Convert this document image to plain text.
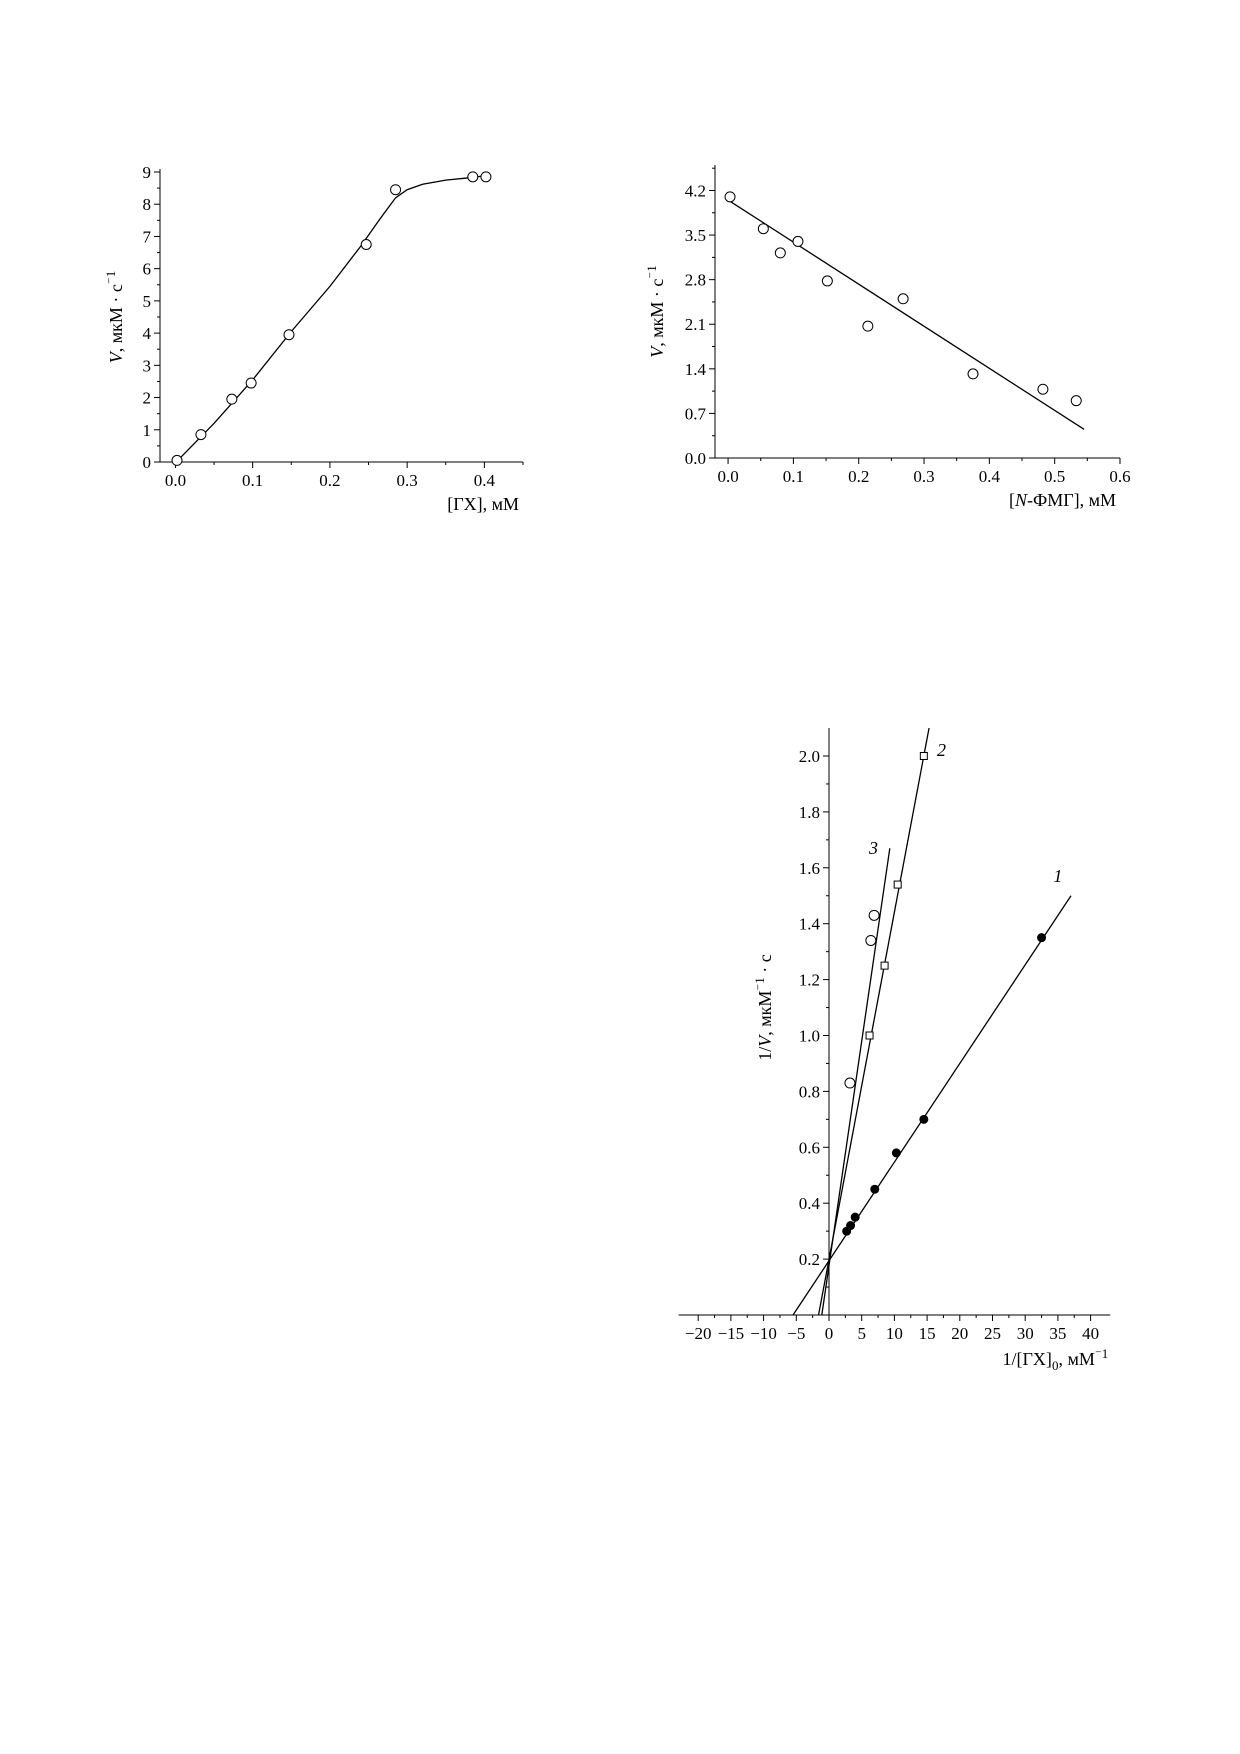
0.0	0.1	0.2	0.3	0.4
0
1
2
3
4
5
6
7
8
9
[ГХ], мМ
V, мкМ · с⁻1
0.0	0.1	0.2	0.3	0.4	0.5	0.6
0.0
0.7
1.4
2.1
2.8
3.5
4.2
[N-ФМГ], мМ
V, мкМ · с⁻1
−20 −15 −10 −5 0 5 10 15 20 25 30 35 40
0.2
0.4
0.6
0.8
1.0
1.2
1.4
1.6
1.8
2.0
$1/[ГХ]_0$, мМ⁻1
1/V, мкМ⁻1 · с
1
2
3
